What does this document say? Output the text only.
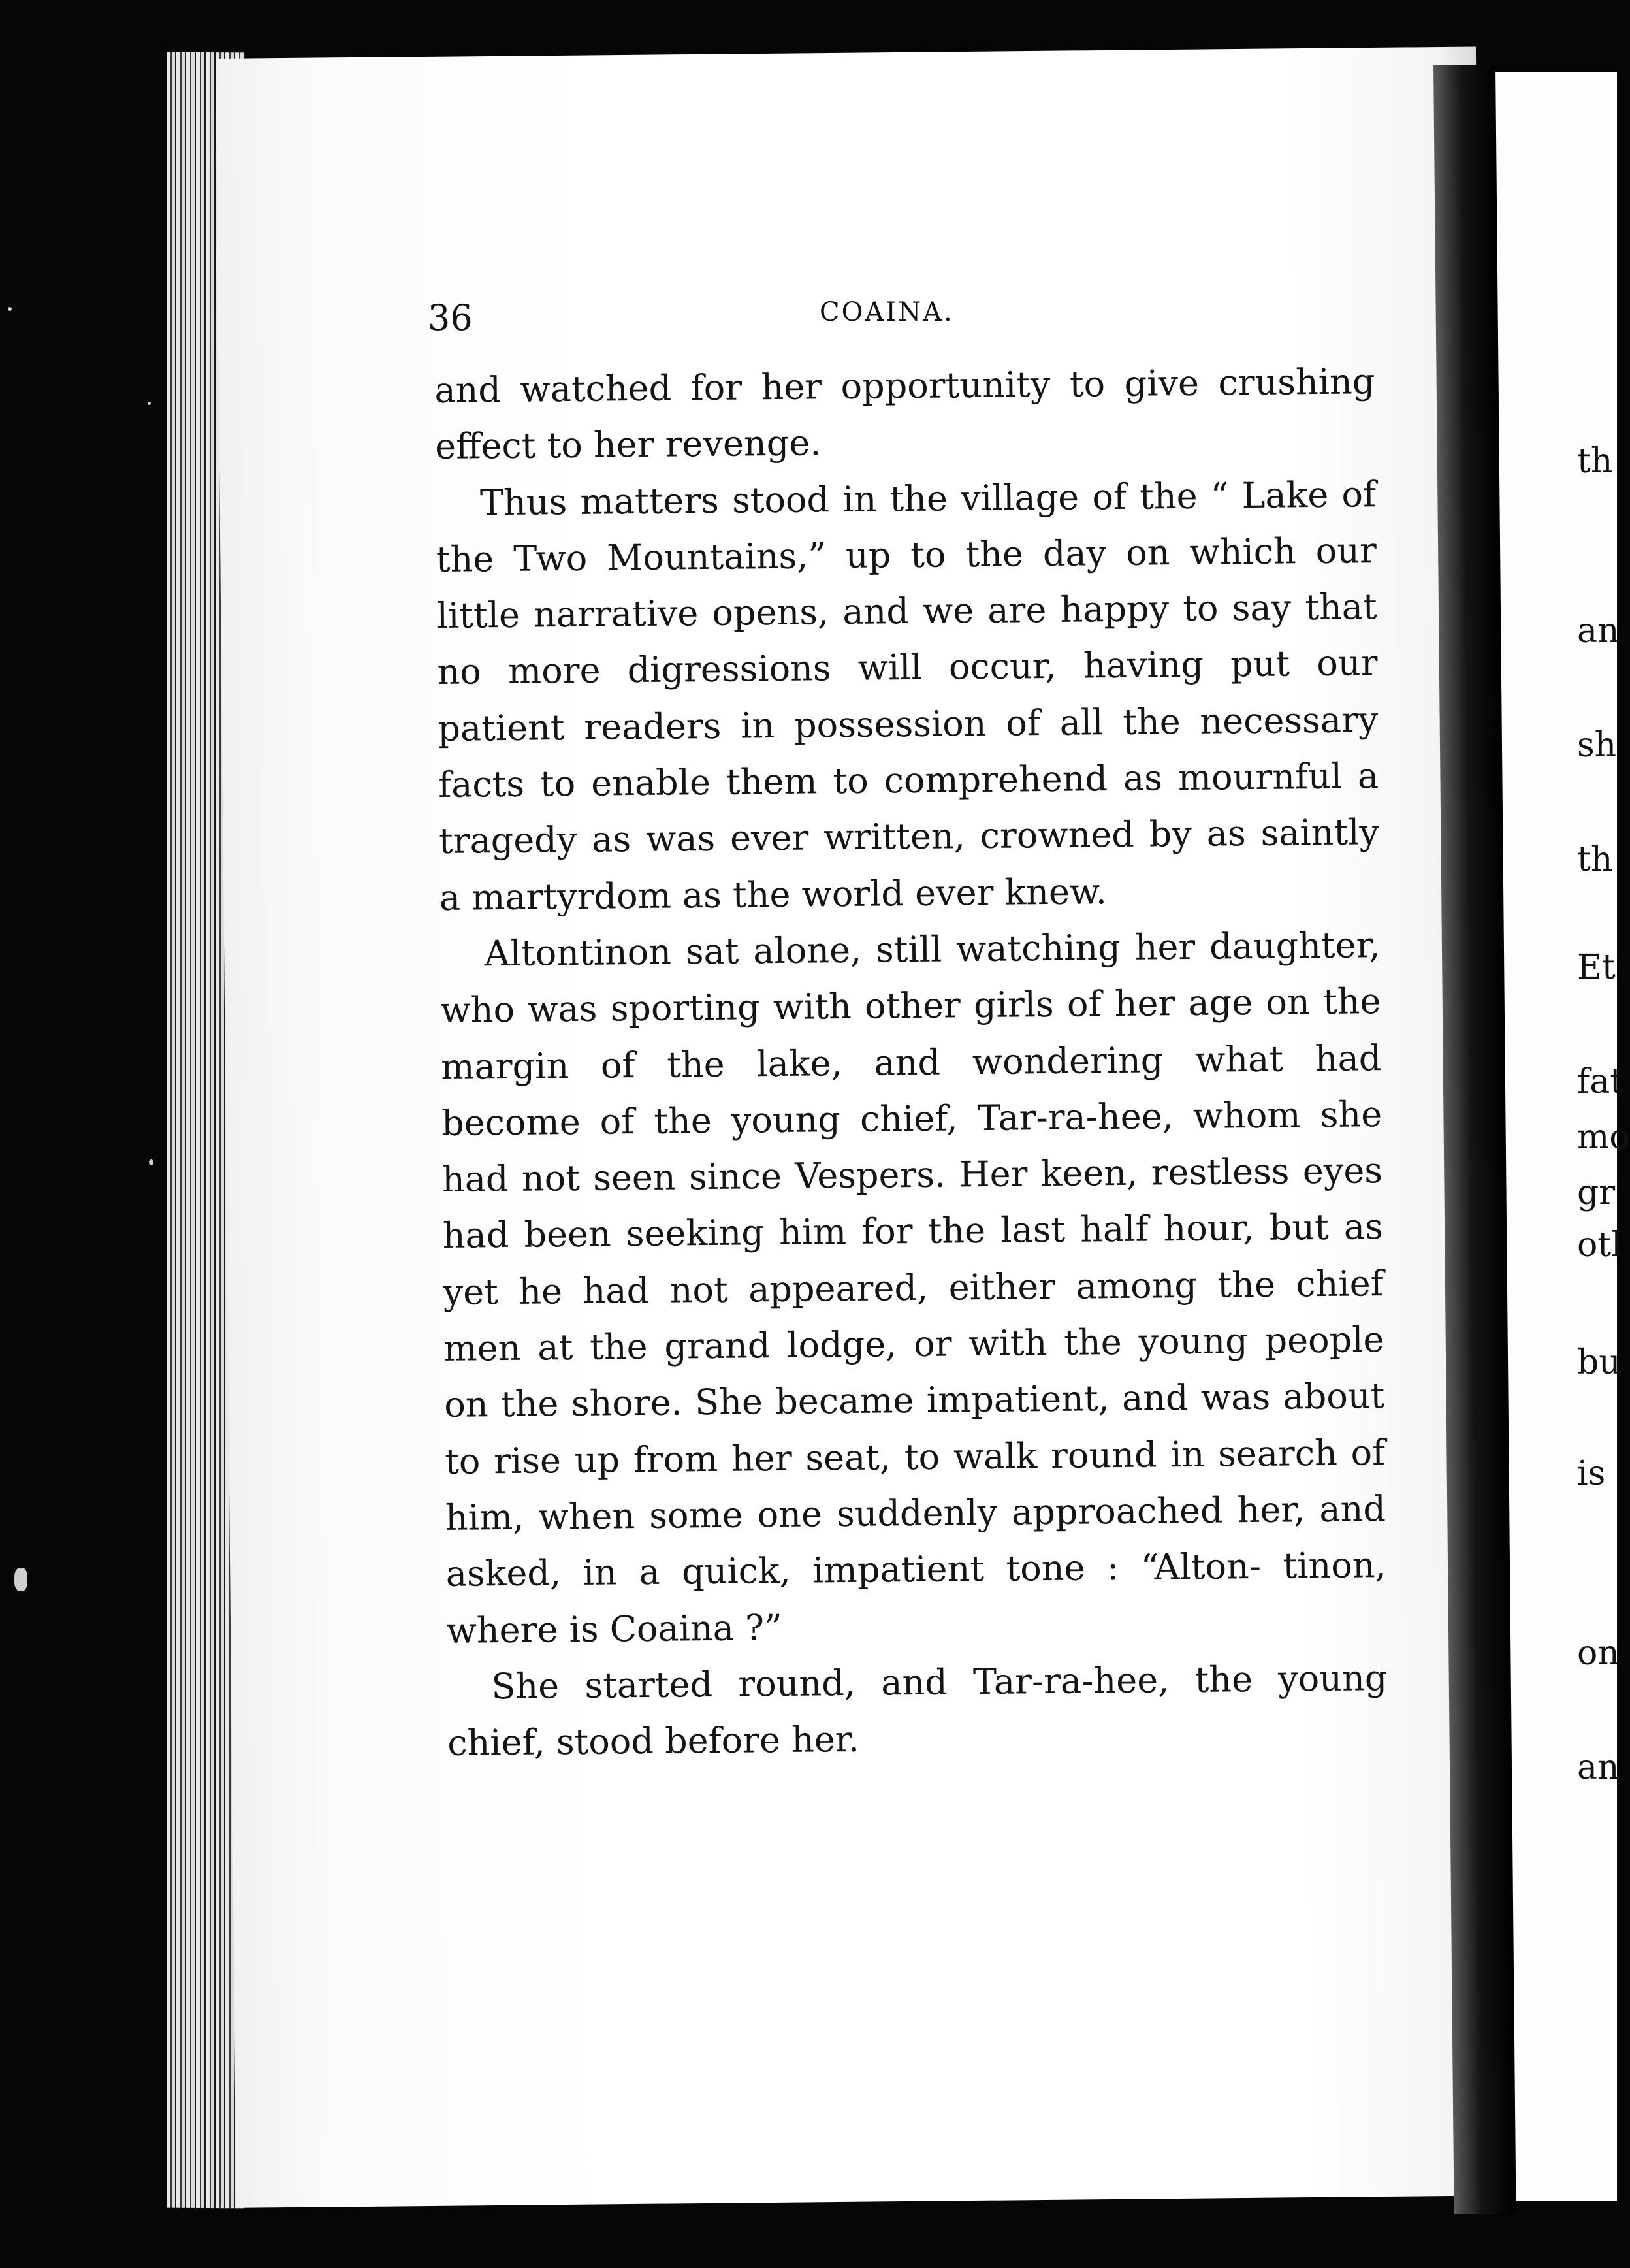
th
an
sh
th
Et
fat
mo
gr
otl
bu
is
on
an
36	COAINA.

and watched for her opportunity to give crushing effect to her revenge.

Thus matters stood in the village of the “ Lake of the Two Mountains,” up to the day on which our little narrative opens, and we are happy to say that no more digressions will occur, having put our patient readers in possession of all the necessary facts to enable them to comprehend as mournful a tragedy as was ever written, crowned by as saintly a martyrdom as the world ever knew.

Altontinon sat alone, still watching her daughter, who was sporting with other girls of her age on the margin of the lake, and wondering what had become of the young chief, Tar-ra-hee, whom she had not seen since Vespers. Her keen, restless eyes had been seeking him for the last half hour, but as yet he had not appeared, either among the chief men at the grand lodge, or with the young people on the shore. She became impatient, and was about to rise up from her seat, to walk round in search of him, when some one suddenly approached her, and asked, in a quick, impatient tone : “Alton- tinon, where is Coaina ?”

She started round, and Tar-ra-hee, the young chief, stood before her.
